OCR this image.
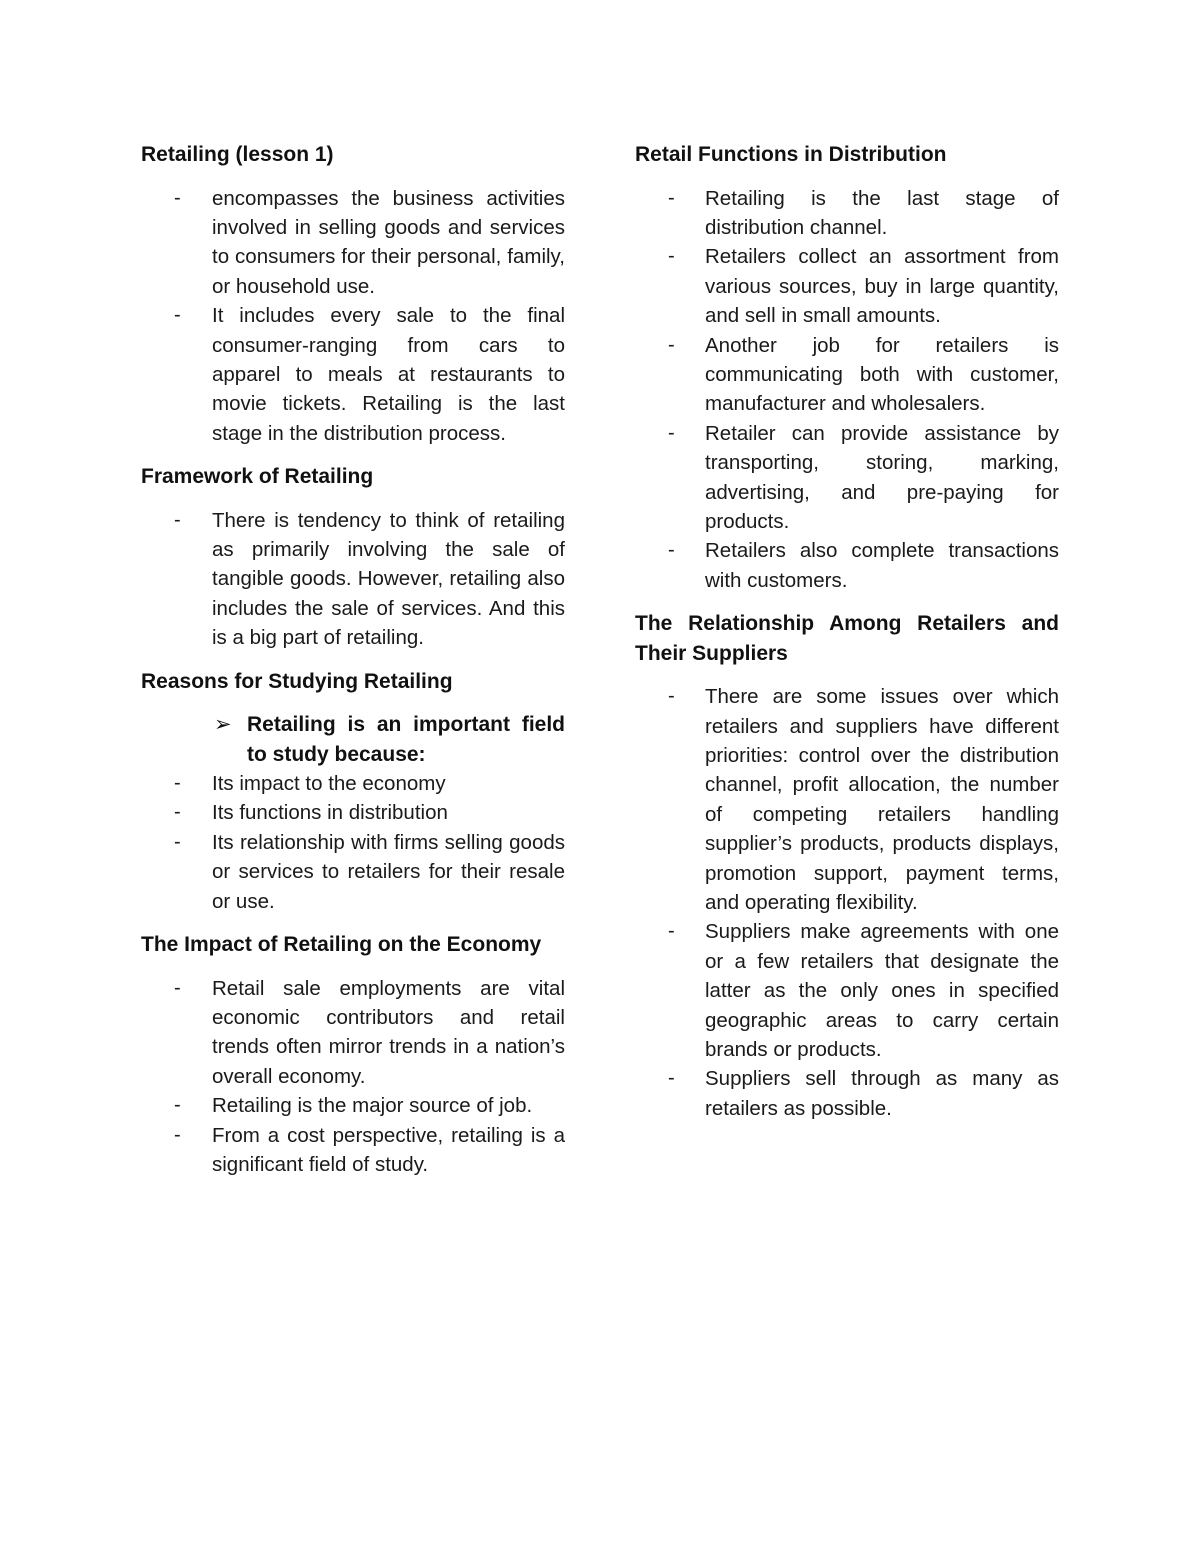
Retailing (lesson 1)
- encompasses the business activities involved in selling goods and services to consumers for their personal, family, or household use.
- It includes every sale to the final consumer-ranging from cars to apparel to meals at restaurants to movie tickets. Retailing is the last stage in the distribution process.
Framework of Retailing
- There is tendency to think of retailing as primarily involving the sale of tangible goods. However, retailing also includes the sale of services. And this is a big part of retailing.
Reasons for Studying Retailing
➢ Retailing is an important field to study because:
- Its impact to the economy
- Its functions in distribution
- Its relationship with firms selling goods or services to retailers for their resale or use.
The Impact of Retailing on the Economy
- Retail sale employments are vital economic contributors and retail trends often mirror trends in a nation’s overall economy.
- Retailing is the major source of job.
- From a cost perspective, retailing is a significant field of study.
Retail Functions in Distribution
- Retailing is the last stage of distribution channel.
- Retailers collect an assortment from various sources, buy in large quantity, and sell in small amounts.
- Another job for retailers is communicating both with customer, manufacturer and wholesalers.
- Retailer can provide assistance by transporting, storing, marking, advertising, and pre-paying for products.
- Retailers also complete transactions with customers.
The Relationship Among Retailers and Their Suppliers
- There are some issues over which retailers and suppliers have different priorities: control over the distribution channel, profit allocation, the number of competing retailers handling supplier’s products, products displays, promotion support, payment terms, and operating flexibility.
- Suppliers make agreements with one or a few retailers that designate the latter as the only ones in specified geographic areas to carry certain brands or products.
- Suppliers sell through as many as retailers as possible.
